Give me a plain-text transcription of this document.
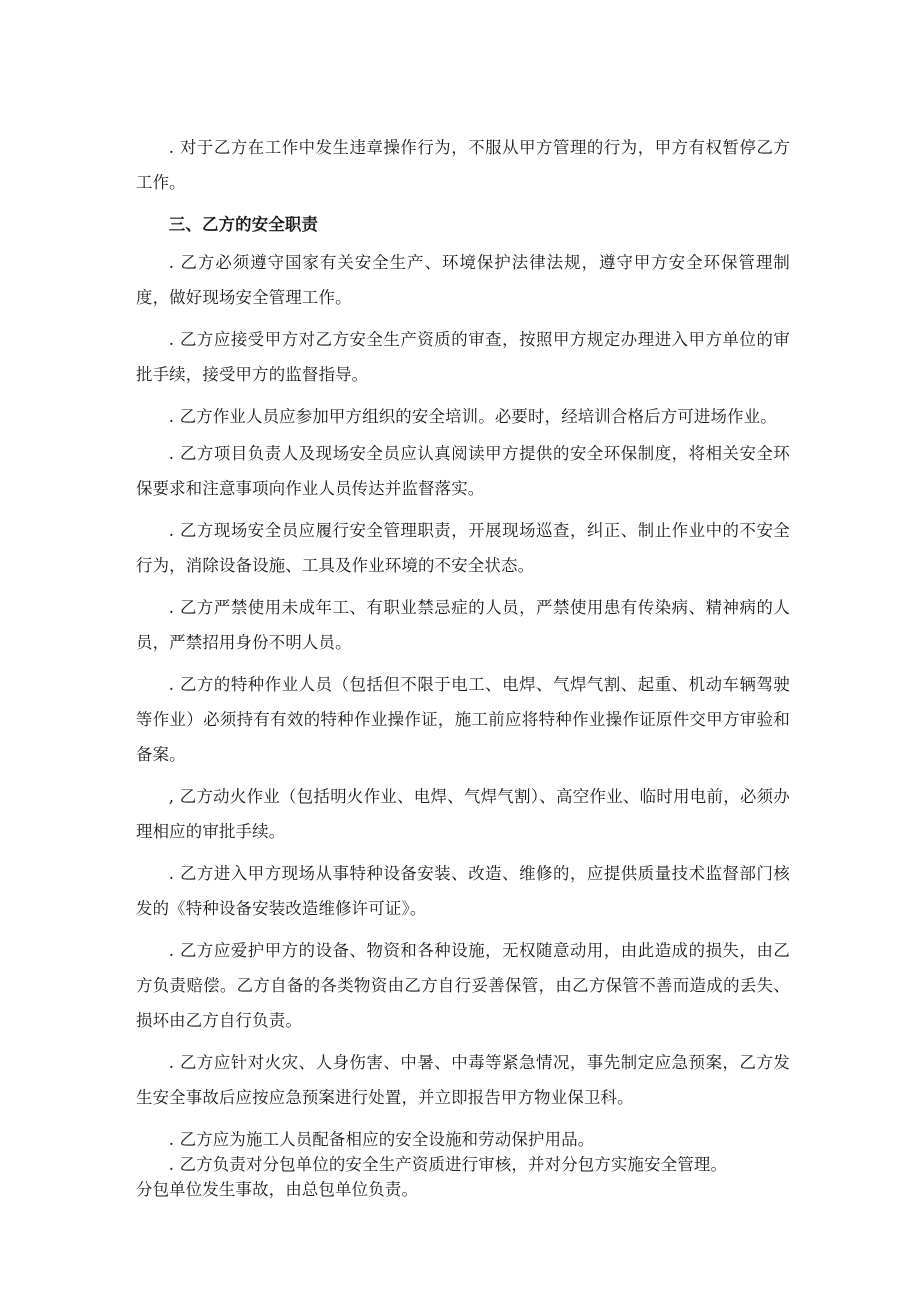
. 对于乙方在工作中发生违章操作行为，不服从甲方管理的行为，甲方有权暂停乙方工作。

三、乙方的安全职责

. 乙方必须遵守国家有关安全生产、环境保护法律法规，遵守甲方安全环保管理制度，做好现场安全管理工作。

. 乙方应接受甲方对乙方安全生产资质的审查，按照甲方规定办理进入甲方单位的审批手续，接受甲方的监督指导。

. 乙方作业人员应参加甲方组织的安全培训。必要时，经培训合格后方可进场作业。

. 乙方项目负责人及现场安全员应认真阅读甲方提供的安全环保制度，将相关安全环保要求和注意事项向作业人员传达并监督落实。

. 乙方现场安全员应履行安全管理职责，开展现场巡查，纠正、制止作业中的不安全行为，消除设备设施、工具及作业环境的不安全状态。

. 乙方严禁使用未成年工、有职业禁忌症的人员，严禁使用患有传染病、精神病的人员，严禁招用身份不明人员。

. 乙方的特种作业人员（包括但不限于电工、电焊、气焊气割、起重、机动车辆驾驶等作业）必须持有有效的特种作业操作证，施工前应将特种作业操作证原件交甲方审验和备案。

, 乙方动火作业（包括明火作业、电焊、气焊气割）、高空作业、临时用电前，必须办理相应的审批手续。

. 乙方进入甲方现场从事特种设备安装、改造、维修的，应提供质量技术监督部门核发的《特种设备安装改造维修许可证》。

. 乙方应爱护甲方的设备、物资和各种设施，无权随意动用，由此造成的损失，由乙方负责赔偿。乙方自备的各类物资由乙方自行妥善保管，由乙方保管不善而造成的丢失、损坏由乙方自行负责。

. 乙方应针对火灾、人身伤害、中暑、中毒等紧急情况，事先制定应急预案，乙方发生安全事故后应按应急预案进行处置，并立即报告甲方物业保卫科。

. 乙方应为施工人员配备相应的安全设施和劳动保护用品。

. 乙方负责对分包单位的安全生产资质进行审核，并对分包方实施安全管理。

分包单位发生事故，由总包单位负责。
